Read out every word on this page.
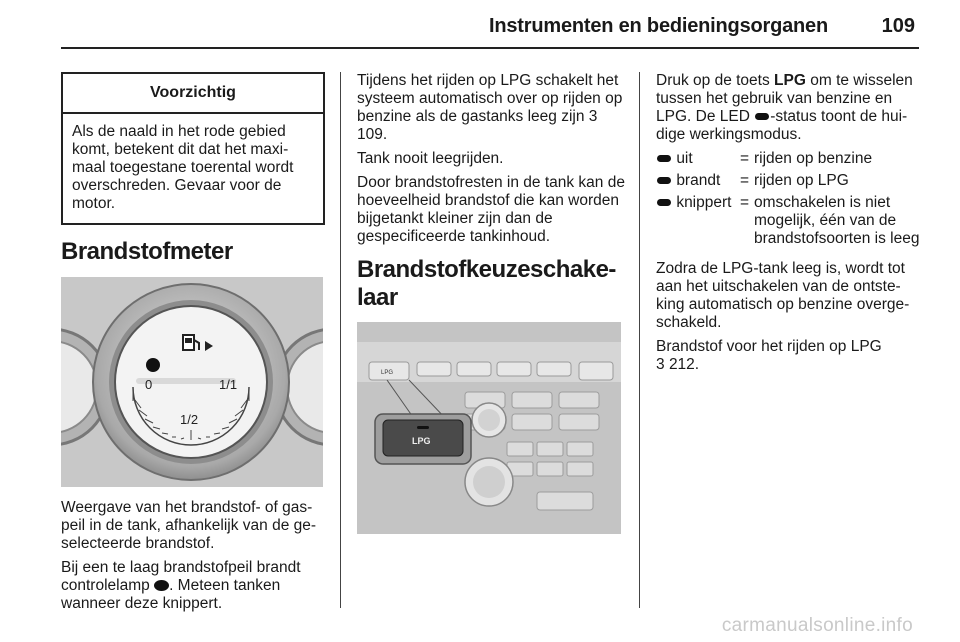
Instrumenten en bedieningsorganen	109
Voorzichtig
Als de naald in het rode gebied komt, betekent dit dat het maxi-maal toegestane toerental wordt overschreden. Gevaar voor de motor.
Brandstofmeter
0	1/1
1/2

Weergave van het brandstof- of gas-peil in de tank, afhankelijk van de ge-selecteerde brandstof.

Bij een te laag brandstofpeil brandt controlelamp . Meteen tanken wanneer deze knippert.

Tijdens het rijden op LPG schakelt het systeem automatisch over op rijden op benzine als de gastanks leeg zijn 3 109.

Tank nooit leegrijden.

Door brandstofresten in de tank kan de hoeveelheid brandstof die kan worden bijgetankt kleiner zijn dan de gespecificeerde tankinhoud.

Brandstofkeuzeschake-laar
LPG
LPG

Druk op de toets LPG om te wisselen tussen het gebruik van benzine en LPG. De LED -status toont de hui-dige werkingsmodus.

uit	=	rijden op benzine
brandt	=	rijden op LPG
knippert	=	omschakelen is niet mogelijk, één van de brandstofsoorten is leeg

Zodra de LPG-tank leeg is, wordt tot aan het uitschakelen van de ontste-king automatisch op benzine overge-schakeld.

Brandstof voor het rijden op LPG
3 212.

carmanualsonline.info
